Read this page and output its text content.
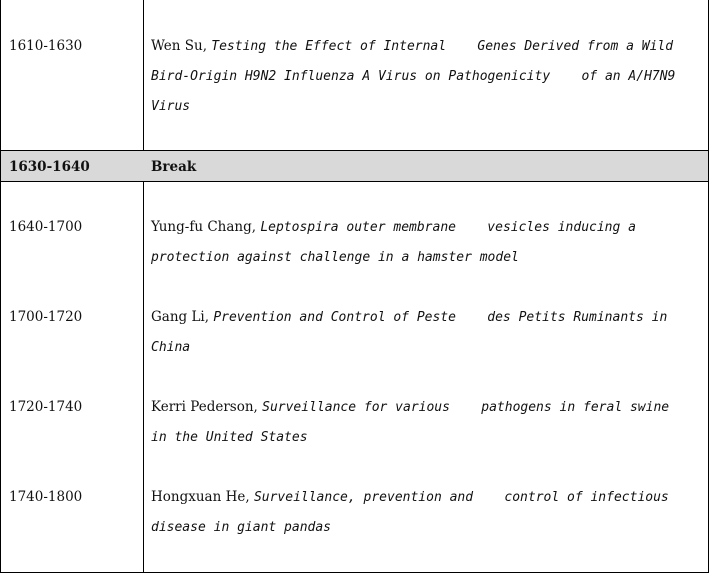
1610-1630	Wen Su, Testing the Effect of Internal    Genes Derived from a Wild
Bird-Origin H9N2 Influenza A Virus on Pathogenicity    of an A/H7N9
Virus
1630-1640	Break
1640-1700	Yung-fu Chang, Leptospira outer membrane    vesicles inducing a
protection against challenge in a hamster model
1700-1720	Gang Li, Prevention and Control of Peste    des Petits Ruminants in
China
1720-1740	Kerri Pederson, Surveillance for various    pathogens in feral swine
in the United States
1740-1800	Hongxuan He, Surveillance, prevention and    control of infectious
disease in giant pandas
